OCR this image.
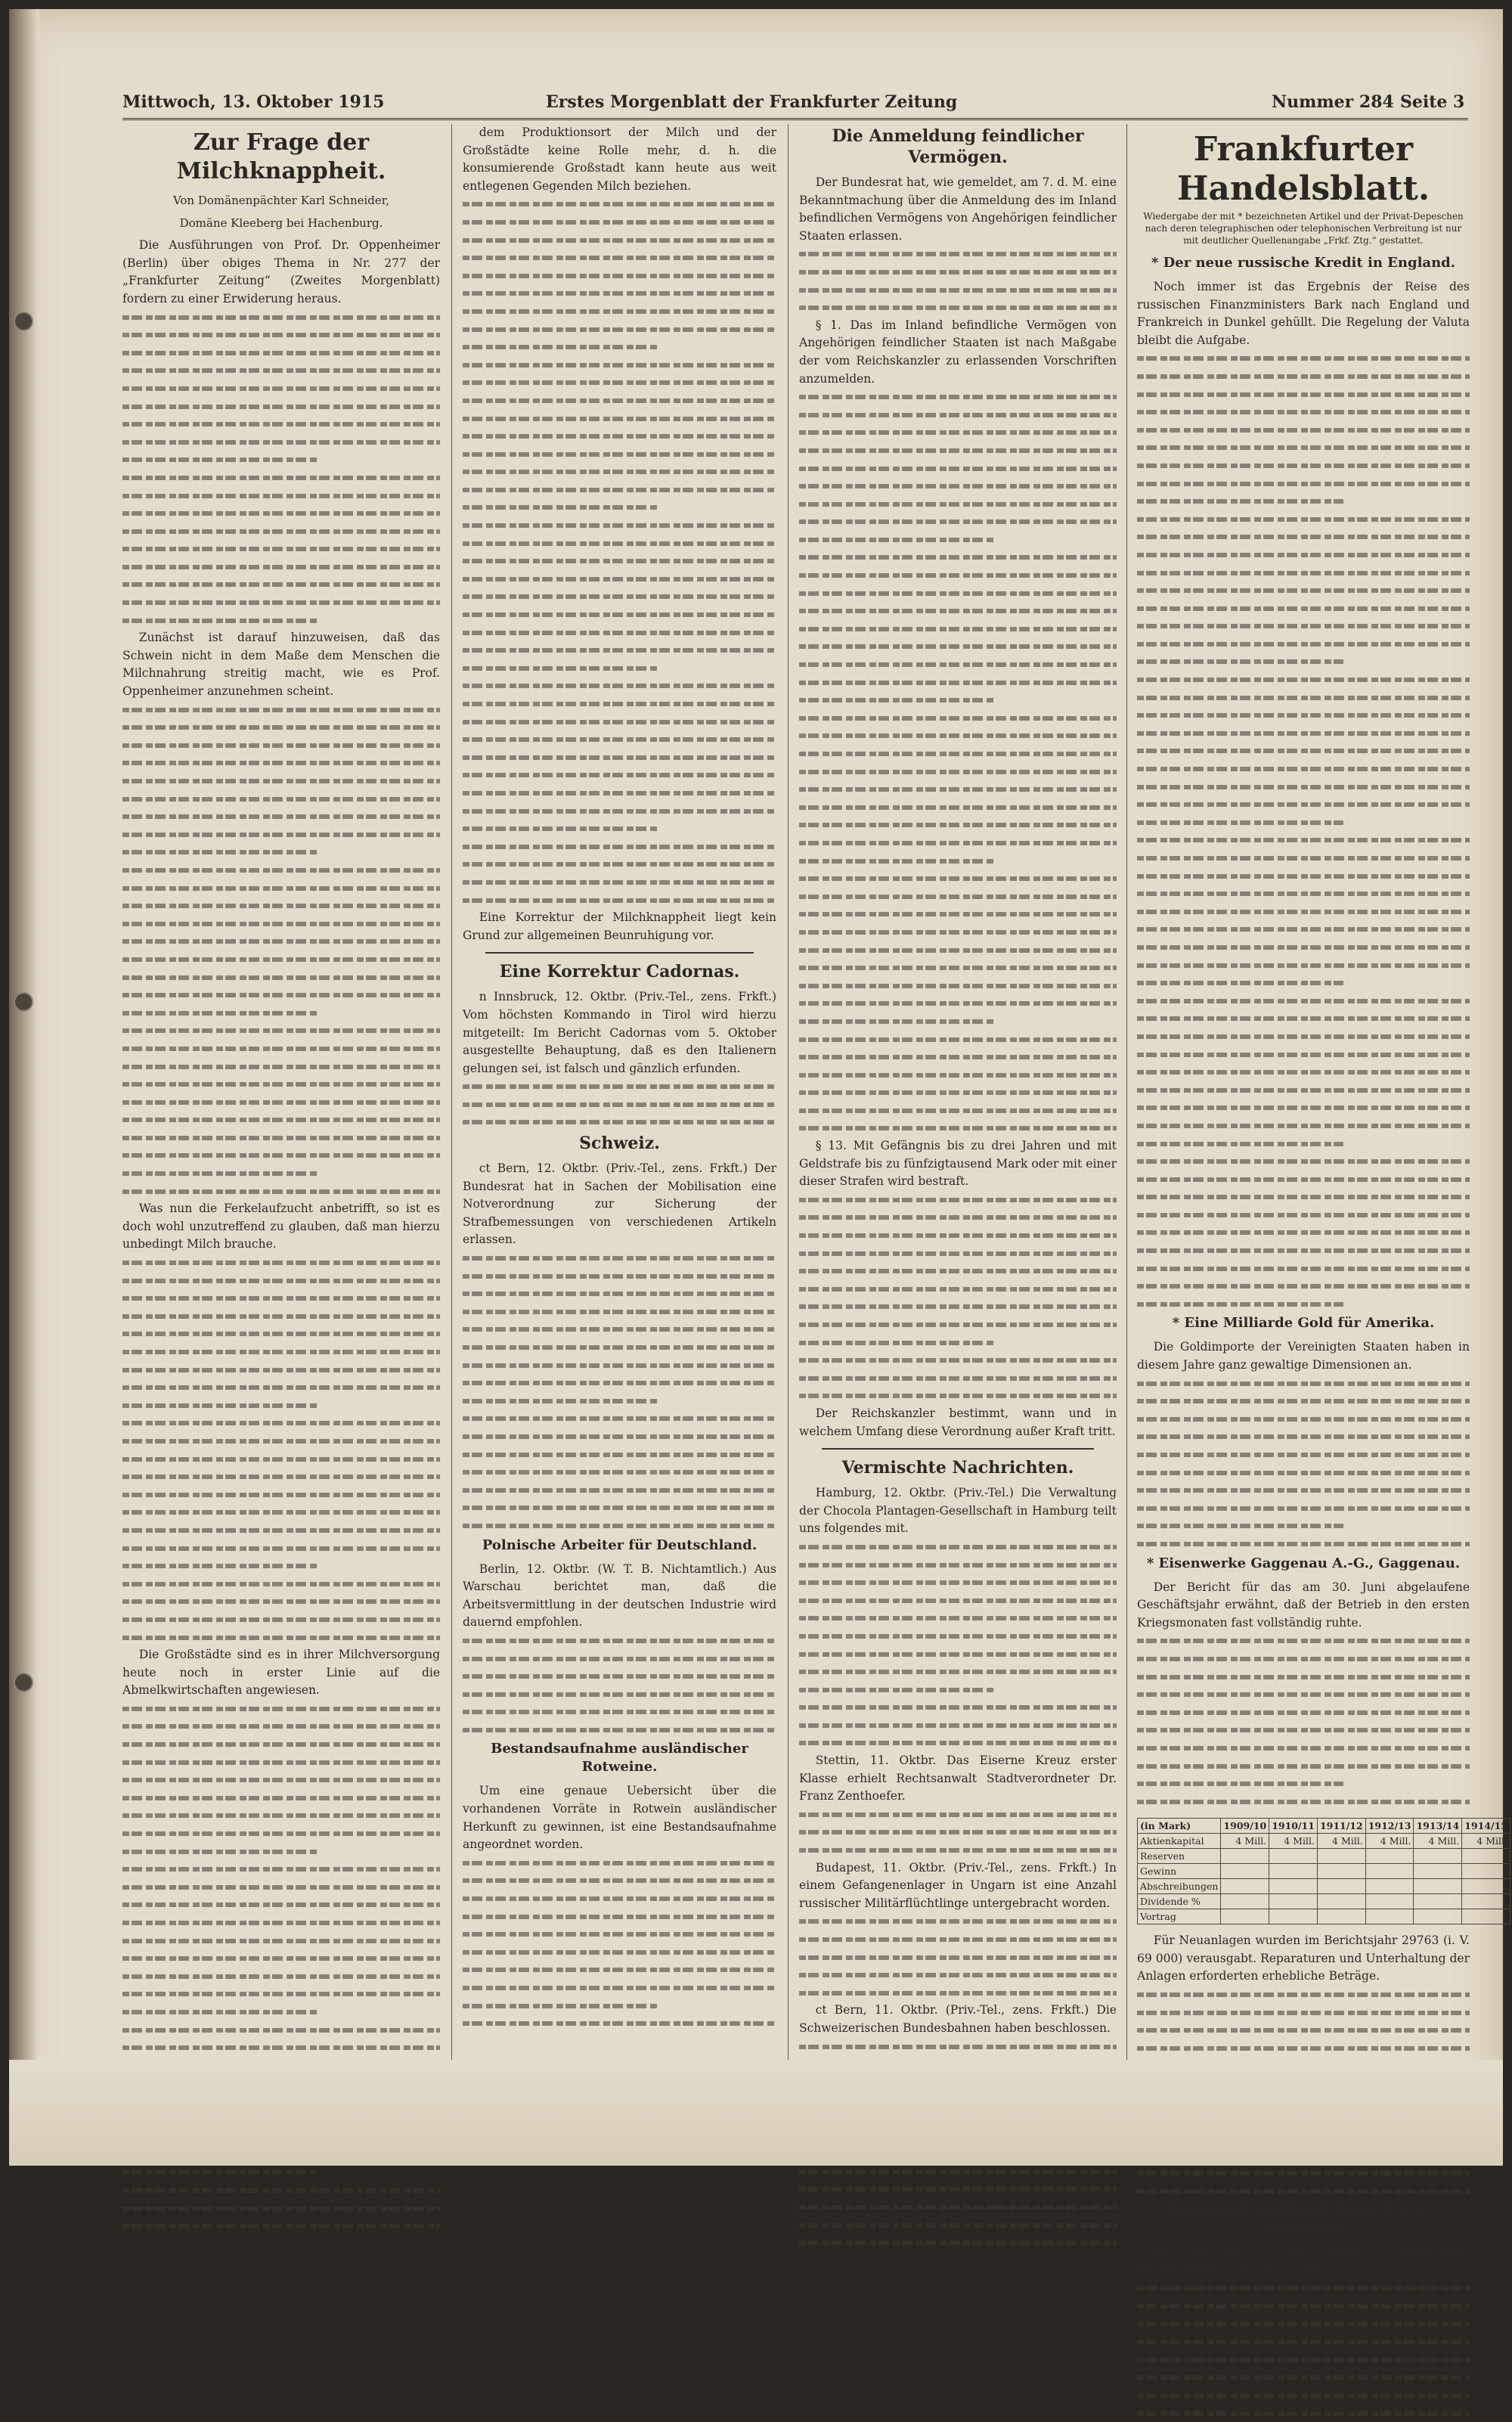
Mittwoch, 13. Oktober 1915	Erstes Morgenblatt der Frankfurter Zeitung	Nummer 284 Seite 3
Zur Frage der Milchknappheit.
Von Domänenpächter Karl Schneider,
Domäne Kleeberg bei Hachenburg.

Die Ausführungen von Prof. Dr. Oppenheimer (Berlin) über obiges Thema in Nr. 277 der „Frankfurter Zeitung“ (Zweites Morgenblatt) fordern zu einer Erwiderung heraus.

Zunächst ist darauf hinzuweisen, daß das Schwein nicht in dem Maße dem Menschen die Milchnahrung streitig macht, wie es Prof. Oppenheimer anzunehmen scheint.

Was nun die Ferkelaufzucht anbetrifft, so ist es doch wohl unzutreffend zu glauben, daß man hierzu unbedingt Milch brauche.

Die Großstädte sind es in ihrer Milchversorgung heute noch in erster Linie auf die Abmelkwirtschaften angewiesen.

dem Produktionsort der Milch und der Großstädte keine Rolle mehr, d. h. die konsumierende Großstadt kann heute aus weit entlegenen Gegenden Milch beziehen.

Eine Korrektur der Milchknappheit liegt kein Grund zur allgemeinen Beunruhigung vor.

Eine Korrektur Cadornas.

n Innsbruck, 12. Oktbr. (Priv.-Tel., zens. Frkft.) Vom höchsten Kommando in Tirol wird hierzu mitgeteilt: Im Bericht Cadornas vom 5. Oktober ausgestellte Behauptung, daß es den Italienern gelungen sei, ist falsch und gänzlich erfunden.

Schweiz.

ct Bern, 12. Oktbr. (Priv.-Tel., zens. Frkft.) Der Bundesrat hat in Sachen der Mobilisation eine Notverordnung zur Sicherung der Strafbemessungen von verschiedenen Artikeln erlassen.

Polnische Arbeiter für Deutschland.

Berlin, 12. Oktbr. (W. T. B. Nichtamtlich.) Aus Warschau berichtet man, daß die Arbeitsvermittlung in der deutschen Industrie wird dauernd empfohlen.

Bestandsaufnahme ausländischer Rotweine.

Um eine genaue Uebersicht über die vorhandenen Vorräte in Rotwein ausländischer Herkunft zu gewinnen, ist eine Bestandsaufnahme angeordnet worden.

Die Anmeldung feindlicher Vermögen.

Der Bundesrat hat, wie gemeldet, am 7. d. M. eine Bekanntmachung über die Anmeldung des im Inland befindlichen Vermögens von Angehörigen feindlicher Staaten erlassen.

§ 1. Das im Inland befindliche Vermögen von Angehörigen feindlicher Staaten ist nach Maßgabe der vom Reichskanzler zu erlassenden Vorschriften anzumelden.

§ 13. Mit Gefängnis bis zu drei Jahren und mit Geldstrafe bis zu fünfzigtausend Mark oder mit einer dieser Strafen wird bestraft.

Der Reichskanzler bestimmt, wann und in welchem Umfang diese Verordnung außer Kraft tritt.

Vermischte Nachrichten.

Hamburg, 12. Oktbr. (Priv.-Tel.) Die Verwaltung der Chocola Plantagen-Gesellschaft in Hamburg teilt uns folgendes mit.

Stettin, 11. Oktbr. Das Eiserne Kreuz erster Klasse erhielt Rechtsanwalt Stadtverordneter Dr. Franz Zenthoefer.

Budapest, 11. Oktbr. (Priv.-Tel., zens. Frkft.) In einem Gefangenenlager in Ungarn ist eine Anzahl russischer Militärflüchtlinge untergebracht worden.

ct Bern, 11. Oktbr. (Priv.-Tel., zens. Frkft.) Die Schweizerischen Bundesbahnen haben beschlossen.

Frankfurter Handelsblatt.
Wiedergabe der mit * bezeichneten Artikel und der Privat-Depeschen nach deren telegraphischen oder telephonischen Verbreitung ist nur mit deutlicher Quellenangabe „Frkf. Ztg.“ gestattet.
* Der neue russische Kredit in England.

Noch immer ist das Ergebnis der Reise des russischen Finanzministers Bark nach England und Frankreich in Dunkel gehüllt. Die Regelung der Valuta bleibt die Aufgabe.

* Eine Milliarde Gold für Amerika.

Die Goldimporte der Vereinigten Staaten haben in diesem Jahre ganz gewaltige Dimensionen an.

* Eisenwerke Gaggenau A.-G., Gaggenau.

Der Bericht für das am 30. Juni abgelaufene Geschäftsjahr erwähnt, daß der Betrieb in den ersten Kriegsmonaten fast vollständig ruhte.

(in Mark)	1909/10	1910/11	1911/12	1912/13	1913/14	1914/15
Aktienkapital	4 Mill.	4 Mill.	4 Mill.	4 Mill.	4 Mill.	4 Mill.
Reserven						
Gewinn						
Abschreibungen						
Dividende %						
Vortrag						

Für Neuanlagen wurden im Berichtsjahr 29763 (i. V. 69 000) verausgabt. Reparaturen und Unterhaltung der Anlagen erforderten erhebliche Beträge.

Eisen- und Stahlwerk Hoesch A.-G., Dortmund.

In Ergänzung der bereits mitgeteilten Abschlußziffern wird berichtet.
